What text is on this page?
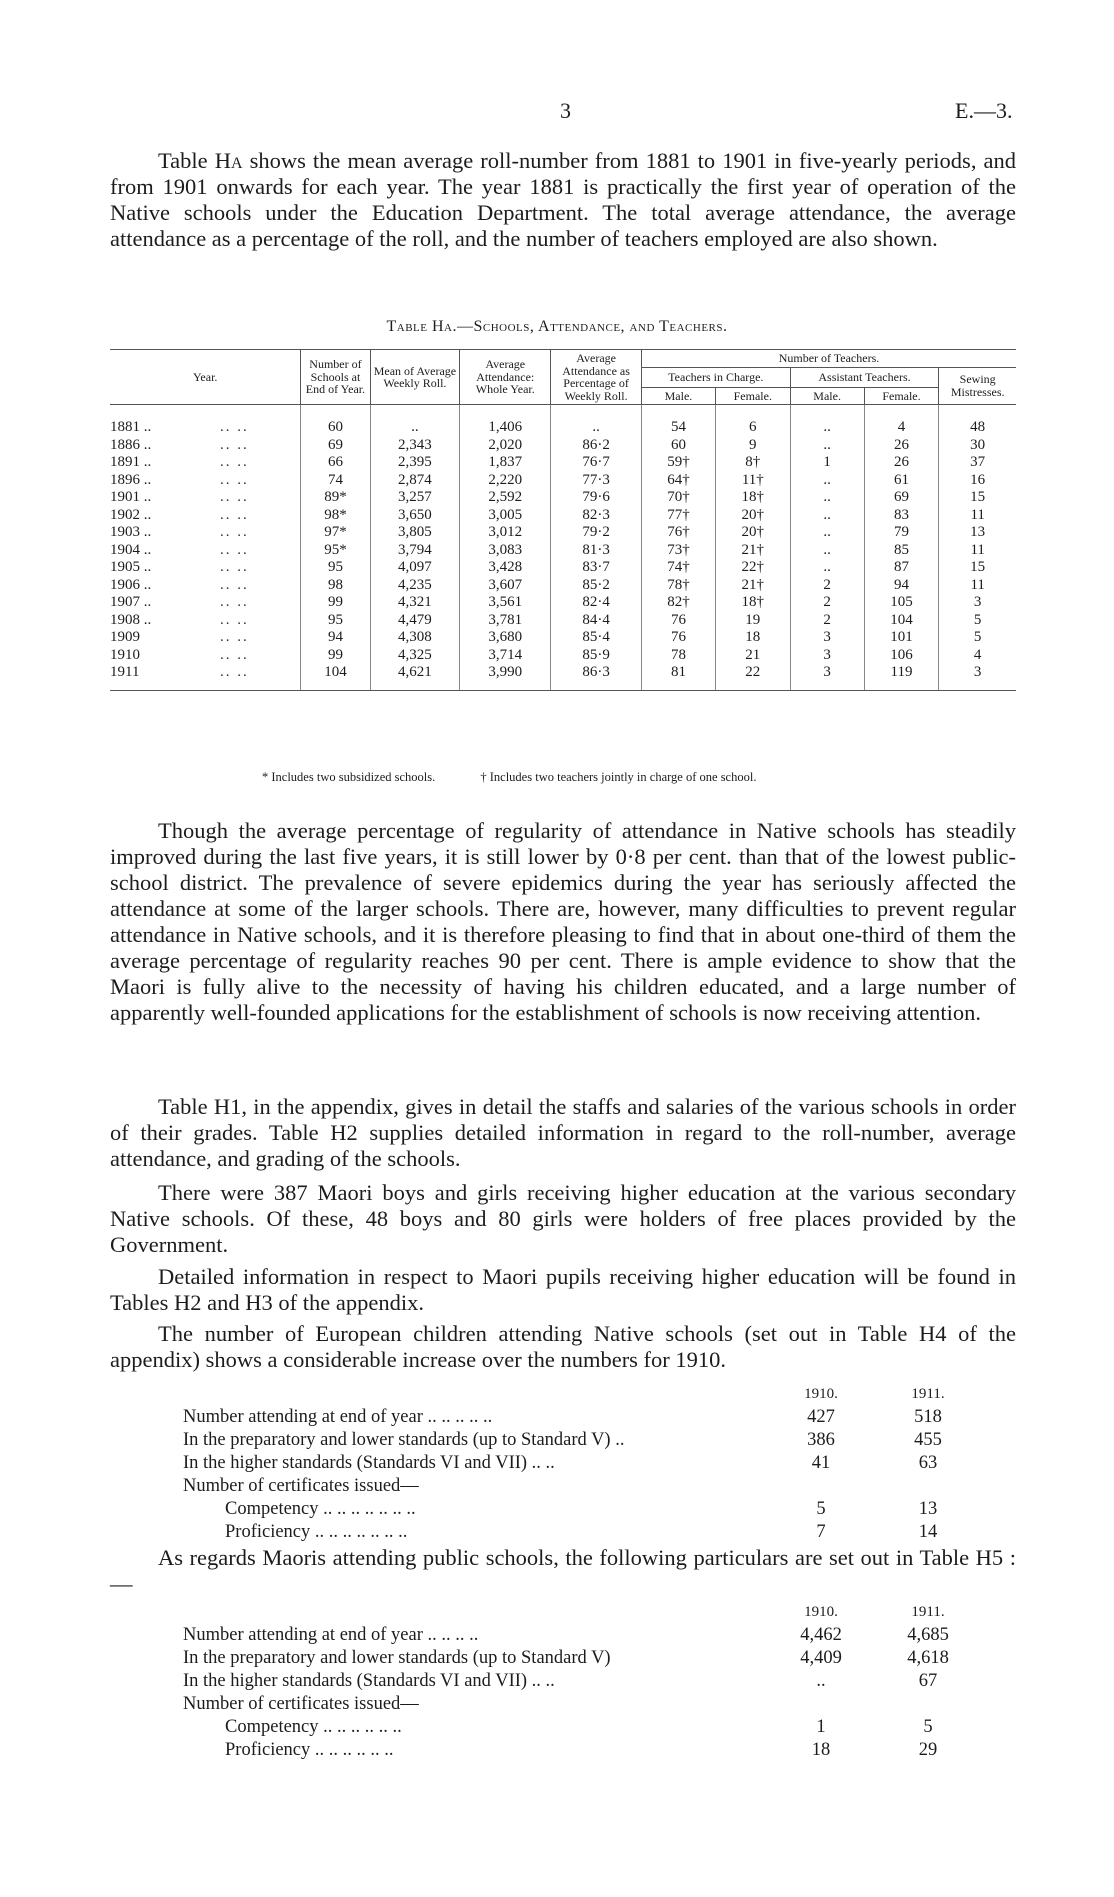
3	E.—3.

Table Ha shows the mean average roll-number from 1881 to 1901 in five-yearly periods, and from 1901 onwards for each year. The year 1881 is practically the first year of operation of the Native schools under the Education Department. The total average attendance, the average attendance as a percentage of the roll, and the number of teachers employed are also shown.

Table Ha.—Schools, Attendance, and Teachers.
Year.	Number of Schools at End of Year.	Mean of Average Weekly Roll.	Average Attendance: Whole Year.	Average Attendance as Percentage of Weekly Roll.	Number of Teachers.				
					Teachers in Charge.		Assistant Teachers.		Sewing Mistresses.
					Male.	Female.	Male.	Female.	
1881 .. .. ..	60	..	1,406	..	54	6	..	4	48
1886 .. .. ..	69	2,343	2,020	86·2	60	9	..	26	30
1891 .. .. ..	66	2,395	1,837	76·7	59†	8†	1	26	37
1896 .. .. ..	74	2,874	2,220	77·3	64†	11†	..	61	16
1901 .. .. ..	89*	3,257	2,592	79·6	70†	18†	..	69	15
1902 .. .. ..	98*	3,650	3,005	82·3	77†	20†	..	83	11
1903 .. .. ..	97*	3,805	3,012	79·2	76†	20†	..	79	13
1904 .. .. ..	95*	3,794	3,083	81·3	73†	21†	..	85	11
1905 .. .. ..	95	4,097	3,428	83·7	74†	22†	..	87	15
1906 .. .. ..	98	4,235	3,607	85·2	78†	21†	2	94	11
1907 .. .. ..	99	4,321	3,561	82·4	82†	18†	2	105	3
1908 .. .. ..	95	4,479	3,781	84·4	76	19	2	104	5
1909 .. ..	94	4,308	3,680	85·4	76	18	3	101	5
1910 .. ..	99	4,325	3,714	85·9	78	21	3	106	4
1911 .. ..	104	4,621	3,990	86·3	81	22	3	119	3
* Includes two subsidized schools.	† Includes two teachers jointly in charge of one school.

Though the average percentage of regularity of attendance in Native schools has steadily improved during the last five years, it is still lower by 0·8 per cent. than that of the lowest public-school district. The prevalence of severe epidemics during the year has seriously affected the attendance at some of the larger schools. There are, however, many difficulties to prevent regular attendance in Native schools, and it is therefore pleasing to find that in about one-third of them the average percentage of regularity reaches 90 per cent. There is ample evidence to show that the Maori is fully alive to the necessity of having his children educated, and a large number of apparently well-founded applications for the establishment of schools is now receiving attention.

Table H1, in the appendix, gives in detail the staffs and salaries of the various schools in order of their grades. Table H2 supplies detailed information in regard to the roll-number, average attendance, and grading of the schools.

There were 387 Maori boys and girls receiving higher education at the various secondary Native schools. Of these, 48 boys and 80 girls were holders of free places provided by the Government.

Detailed information in respect to Maori pupils receiving higher education will be found in Tables H2 and H3 of the appendix.

The number of European children attending Native schools (set out in Table H4 of the appendix) shows a considerable increase over the numbers for 1910.

1910.	1911.
Number attending at end of year .. .. .. .. ..	427	518
In the preparatory and lower standards (up to Standard V) ..	386	455
In the higher standards (Standards VI and VII) .. ..	41	63
Number of certificates issued—
Competency .. .. .. .. .. .. ..	5	13
Proficiency .. .. .. .. .. .. ..	7	14

As regards Maoris attending public schools, the following particulars are set out in Table H5 :—

1910.	1911.
Number attending at end of year .. .. .. ..	4,462	4,685
In the preparatory and lower standards (up to Standard V)	4,409	4,618
In the higher standards (Standards VI and VII) .. ..	..	67
Number of certificates issued—
Competency .. .. .. .. .. ..	1	5
Proficiency .. .. .. .. .. ..	18	29
